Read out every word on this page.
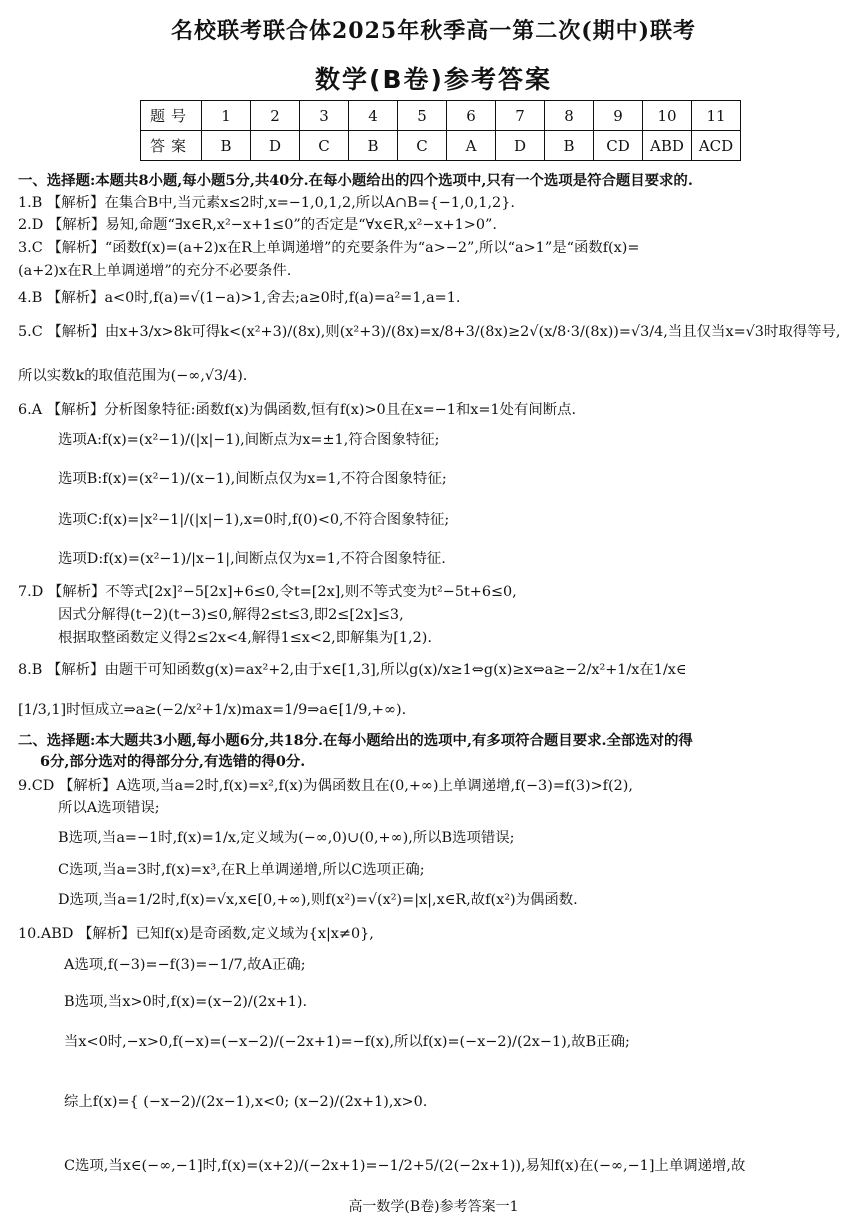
名校联考联合体2025年秋季高一第二次(期中)联考
数学(B卷)参考答案
题号	1	2	3	4	5	6	7	8	9	10	11
答案	B	D	C	B	C	A	D	B	CD	ABD	ACD
一、选择题:本题共8小题,每小题5分,共40分.在每小题给出的四个选项中,只有一个选项是符合题目要求的.
1.B 【解析】在集合B中,当元素x≤2时,x=−1,0,1,2,所以A∩B={−1,0,1,2}.
2.D 【解析】易知,命题“∃x∈R,x²−x+1≤0”的否定是“∀x∈R,x²−x+1>0”.
3.C 【解析】“函数f(x)=(a+2)x在R上单调递增”的充要条件为“a>−2”,所以“a>1”是“函数f(x)=
(a+2)x在R上单调递增”的充分不必要条件.
4.B 【解析】a<0时,f(a)=√(1−a)>1,舍去;a≥0时,f(a)=a²=1,a=1.
5.C 【解析】由x+3/x>8k可得k<(x²+3)/(8x),则(x²+3)/(8x)=x/8+3/(8x)≥2√(x/8·3/(8x))=√3/4,当且仅当x=√3时取得等号,
所以实数k的取值范围为(−∞,√3/4).
6.A 【解析】分析图象特征:函数f(x)为偶函数,恒有f(x)>0且在x=−1和x=1处有间断点.
选项A:f(x)=(x²−1)/(|x|−1),间断点为x=±1,符合图象特征;
选项B:f(x)=(x²−1)/(x−1),间断点仅为x=1,不符合图象特征;
选项C:f(x)=|x²−1|/(|x|−1),x=0时,f(0)<0,不符合图象特征;
选项D:f(x)=(x²−1)/|x−1|,间断点仅为x=1,不符合图象特征.
7.D 【解析】不等式[2x]²−5[2x]+6≤0,令t=[2x],则不等式变为t²−5t+6≤0,
因式分解得(t−2)(t−3)≤0,解得2≤t≤3,即2≤[2x]≤3,
根据取整函数定义得2≤2x<4,解得1≤x<2,即解集为[1,2).
8.B 【解析】由题干可知函数g(x)=ax²+2,由于x∈[1,3],所以g(x)/x≥1⇔g(x)≥x⇔a≥−2/x²+1/x在1/x∈
[1/3,1]时恒成立⇒a≥(−2/x²+1/x)max=1/9⇒a∈[1/9,+∞).
二、选择题:本大题共3小题,每小题6分,共18分.在每小题给出的选项中,有多项符合题目要求.全部选对的得
6分,部分选对的得部分分,有选错的得0分.
9.CD 【解析】A选项,当a=2时,f(x)=x²,f(x)为偶函数且在(0,+∞)上单调递增,f(−3)=f(3)>f(2),
所以A选项错误;
B选项,当a=−1时,f(x)=1/x,定义域为(−∞,0)∪(0,+∞),所以B选项错误;
C选项,当a=3时,f(x)=x³,在R上单调递增,所以C选项正确;
D选项,当a=1/2时,f(x)=√x,x∈[0,+∞),则f(x²)=√(x²)=|x|,x∈R,故f(x²)为偶函数.
10.ABD 【解析】已知f(x)是奇函数,定义域为{x|x≠0},
A选项,f(−3)=−f(3)=−1/7,故A正确;
B选项,当x>0时,f(x)=(x−2)/(2x+1).
当x<0时,−x>0,f(−x)=(−x−2)/(−2x+1)=−f(x),所以f(x)=(−x−2)/(2x−1),故B正确;
综上f(x)={ (−x−2)/(2x−1),x<0; (x−2)/(2x+1),x>0.
C选项,当x∈(−∞,−1]时,f(x)=(x+2)/(−2x+1)=−1/2+5/(2(−2x+1)),易知f(x)在(−∞,−1]上单调递增,故
高一数学(B卷)参考答案一1
